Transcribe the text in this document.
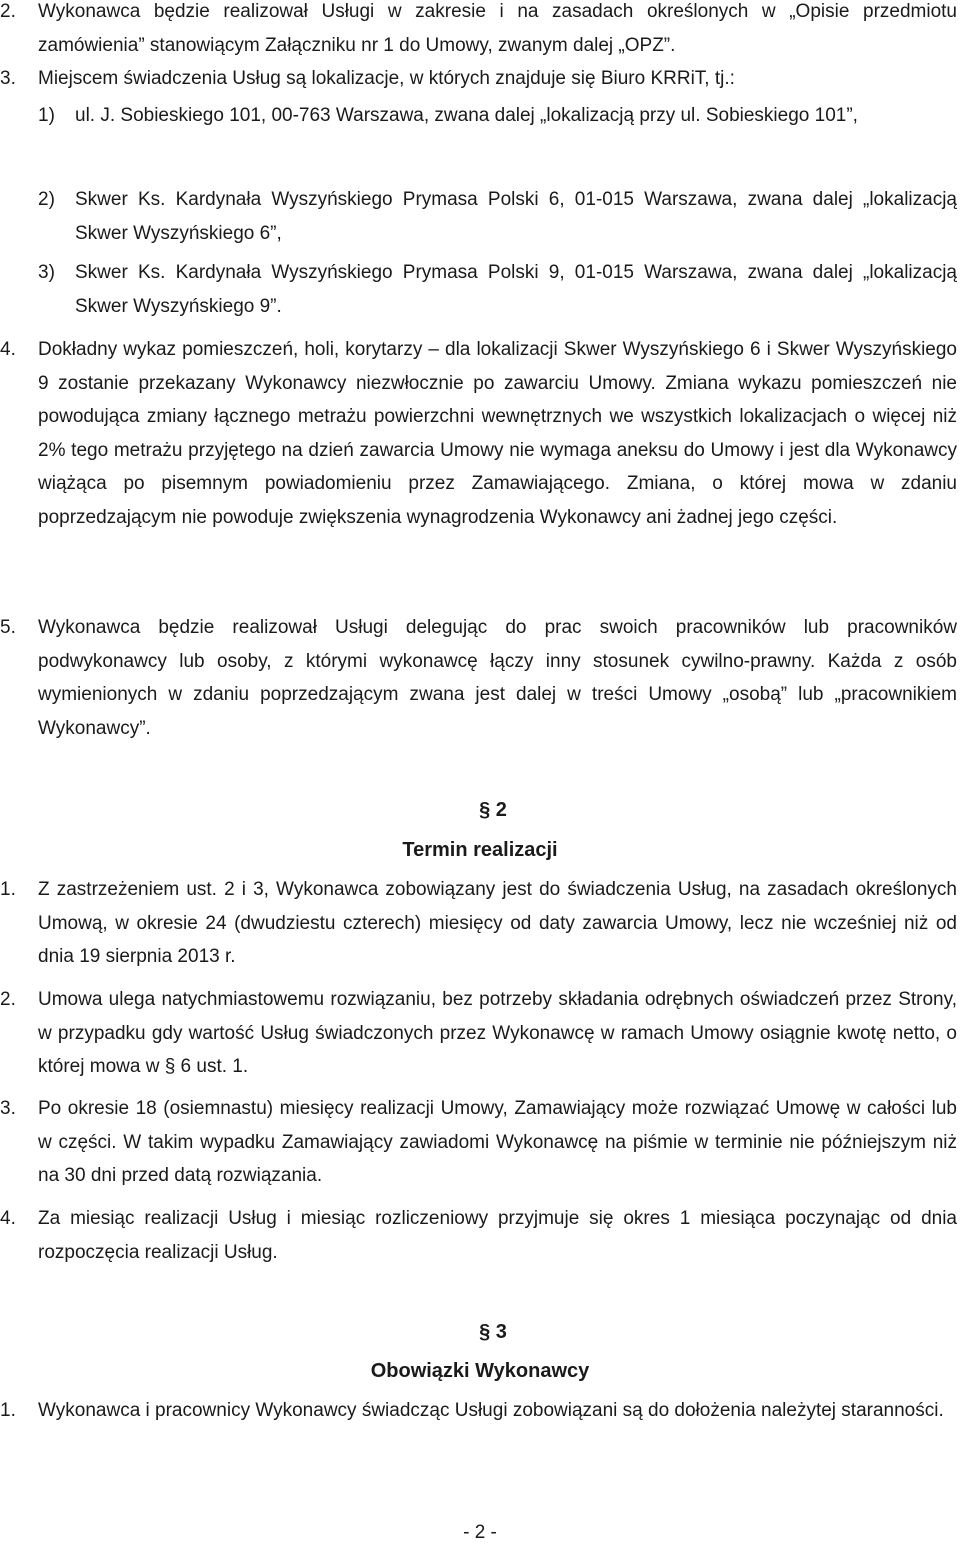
2. Wykonawca będzie realizował Usługi w zakresie i na zasadach określonych w „Opisie przedmiotu zamówienia” stanowiącym Załączniku nr 1 do Umowy, zwanym dalej „OPZ”.
3. Miejscem świadczenia Usług są lokalizacje, w których znajduje się Biuro KRRiT, tj.:
1) ul. J. Sobieskiego 101, 00-763 Warszawa, zwana dalej „lokalizacją przy ul. Sobieskiego 101”,
2) Skwer Ks. Kardynała Wyszyńskiego Prymasa Polski 6, 01-015 Warszawa, zwana dalej „lokalizacją Skwer Wyszyńskiego 6”,
3) Skwer Ks. Kardynała Wyszyńskiego Prymasa Polski 9, 01-015 Warszawa, zwana dalej „lokalizacją Skwer Wyszyńskiego 9”.
4. Dokładny wykaz pomieszczeń, holi, korytarzy – dla lokalizacji Skwer Wyszyńskiego 6 i Skwer Wyszyńskiego 9 zostanie przekazany Wykonawcy niezwłocznie po zawarciu Umowy. Zmiana wykazu pomieszczeń nie powodująca zmiany łącznego metrażu powierzchni wewnętrznych we wszystkich lokalizacjach o więcej niż 2% tego metrażu przyjętego na dzień zawarcia Umowy nie wymaga aneksu do Umowy i jest dla Wykonawcy wiążąca po pisemnym powiadomieniu przez Zamawiającego. Zmiana, o której mowa w zdaniu poprzedzającym nie powoduje zwiększenia wynagrodzenia Wykonawcy ani żadnej jego części.
5. Wykonawca będzie realizował Usługi delegując do prac swoich pracowników lub pracowników podwykonawcy lub osoby, z którymi wykonawcę łączy inny stosunek cywilno-prawny. Każda z osób wymienionych w zdaniu poprzedzającym zwana jest dalej w treści Umowy „osobą” lub „pracownikiem Wykonawcy”.
§ 2
Termin realizacji
1. Z zastrzeżeniem ust. 2 i 3, Wykonawca zobowiązany jest do świadczenia Usług, na zasadach określonych Umową, w okresie 24 (dwudziestu czterech) miesięcy od daty zawarcia Umowy, lecz nie wcześniej niż od dnia 19 sierpnia 2013 r.
2. Umowa ulega natychmiastowemu rozwiązaniu, bez potrzeby składania odrębnych oświadczeń przez Strony, w przypadku gdy wartość Usług świadczonych przez Wykonawcę w ramach Umowy osiągnie kwotę netto, o której mowa w § 6 ust. 1.
3. Po okresie 18 (osiemnastu) miesięcy realizacji Umowy, Zamawiający może rozwiązać Umowę w całości lub w części. W takim wypadku Zamawiający zawiadomi Wykonawcę na piśmie w terminie nie późniejszym niż na 30 dni przed datą rozwiązania.
4. Za miesiąc realizacji Usług i miesiąc rozliczeniowy przyjmuje się okres 1 miesiąca poczynając od dnia rozpoczęcia realizacji Usług.
§ 3
Obowiązki Wykonawcy
1. Wykonawca i pracownicy Wykonawcy świadcząc Usługi zobowiązani są do dołożenia należytej staranności.
- 2 -
